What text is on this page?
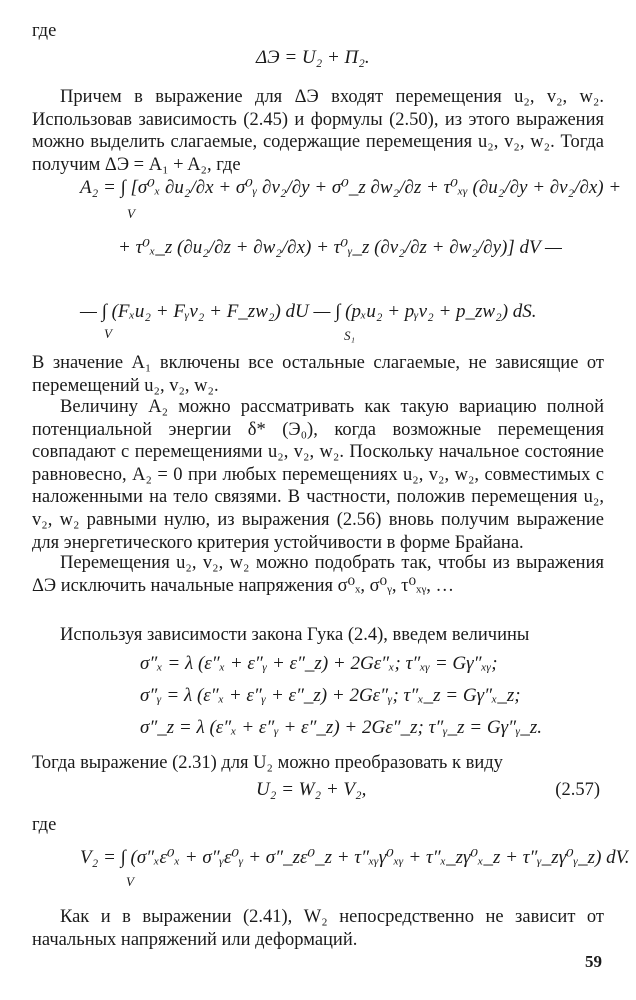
где

ΔЭ = U₂ + Π₂.

Причем в выражение для ΔЭ входят перемещения u₂, v₂, w₂. Использовав зависимость (2.45) и формулы (2.50), из этого выражения можно выделить слагаемые, содержащие перемещения u₂, v₂, w₂. Тогда получим ΔЭ = A₁ + A₂, где

A₂ = ∫ [σ⁰ₓ ∂u₂/∂x + σ⁰ᵧ ∂v₂/∂y + σ⁰_z ∂w₂/∂z + τ⁰ₓᵧ (∂u₂/∂y + ∂v₂/∂x) +
V
+ τ⁰ₓ_z (∂u₂/∂z + ∂w₂/∂x) + τ⁰ᵧ_z (∂v₂/∂z + ∂w₂/∂y)] dV —
— ∫ (Fₓu₂ + Fᵧv₂ + F_zw₂) dU — ∫ (pₓu₂ + pᵧv₂ + p_zw₂) dS.
V	S₁

В значение A₁ включены все остальные слагаемые, не зависящие от перемещений u₂, v₂, w₂.

Величину A₂ можно рассматривать как такую вариацию полной потенциальной энергии δ* (Э₀), когда возможные перемещения совпадают с перемещениями u₂, v₂, w₂. Поскольку начальное состояние равновесно, A₂ = 0 при любых перемещениях u₂, v₂, w₂, совместимых с наложенными на тело связями. В частности, положив перемещения u₂, v₂, w₂ равными нулю, из выражения (2.56) вновь получим выражение для энергетического критерия устойчивости в форме Брайана.

Перемещения u₂, v₂, w₂ можно подобрать так, чтобы из выражения ΔЭ исключить начальные напряжения σ⁰ₓ, σ⁰ᵧ, τ⁰ₓᵧ, …

Используя зависимости закона Гука (2.4), введем величины

σ″ₓ = λ (ε″ₓ + ε″ᵧ + ε″_z) + 2Gε″ₓ; τ″ₓᵧ = Gγ″ₓᵧ;
σ″ᵧ = λ (ε″ₓ + ε″ᵧ + ε″_z) + 2Gε″ᵧ; τ″ₓ_z = Gγ″ₓ_z;
σ″_z = λ (ε″ₓ + ε″ᵧ + ε″_z) + 2Gε″_z; τ″ᵧ_z = Gγ″ᵧ_z.

Тогда выражение (2.31) для U₂ можно преобразовать к виду

U₂ = W₂ + V₂,	(2.57)

где

V₂ = ∫ (σ″ₓε⁰ₓ + σ″ᵧε⁰ᵧ + σ″_zε⁰_z + τ″ₓᵧγ⁰ₓᵧ + τ″ₓ_zγ⁰ₓ_z + τ″ᵧ_zγ⁰ᵧ_z) dV.
V

Как и в выражении (2.41), W₂ непосредственно не зависит от начальных напряжений или деформаций.

59
